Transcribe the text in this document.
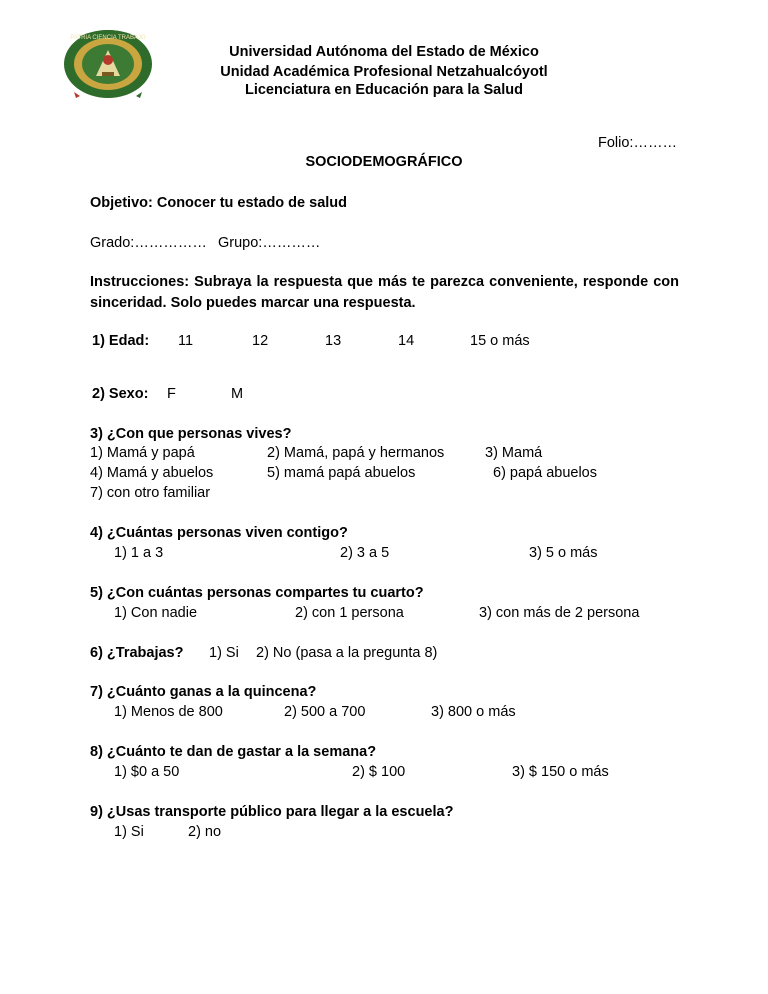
PATRIA CIENCIA TRABAJO
Universidad Autónoma del Estado de México
Unidad Académica Profesional Netzahualcóyotl
Licenciatura en Educación para la Salud
Folio:………
SOCIODEMOGRÁFICO
Objetivo: Conocer tu estado de salud
Grado:…………… Grupo:…………
Instrucciones: Subraya la respuesta que más te parezca conveniente, responde con sinceridad. Solo puedes marcar una respuesta.
1) Edad: 11	12	13	14	15 o más
2) Sexo: F	M
3) ¿Con que personas vives?
1) Mamá y papá	2) Mamá, papá y hermanos	3) Mamá
4) Mamá y abuelos	5) mamá papá abuelos	6) papá abuelos
7) con otro familiar
4) ¿Cuántas personas viven contigo?
1) 1 a 3	2) 3 a 5	3) 5 o más
5) ¿Con cuántas personas compartes tu cuarto?
1) Con nadie	2) con 1 persona	3) con más de 2 persona
6) ¿Trabajas? 1) Si 2) No (pasa a la pregunta 8)
7) ¿Cuánto ganas a la quincena?
1) Menos de 800	2) 500 a 700	3) 800 o más
8) ¿Cuánto te dan de gastar a la semana?
1) $0 a 50	2) $ 100	3) $ 150 o más
9) ¿Usas transporte público para llegar a la escuela?
1) Si	2) no
